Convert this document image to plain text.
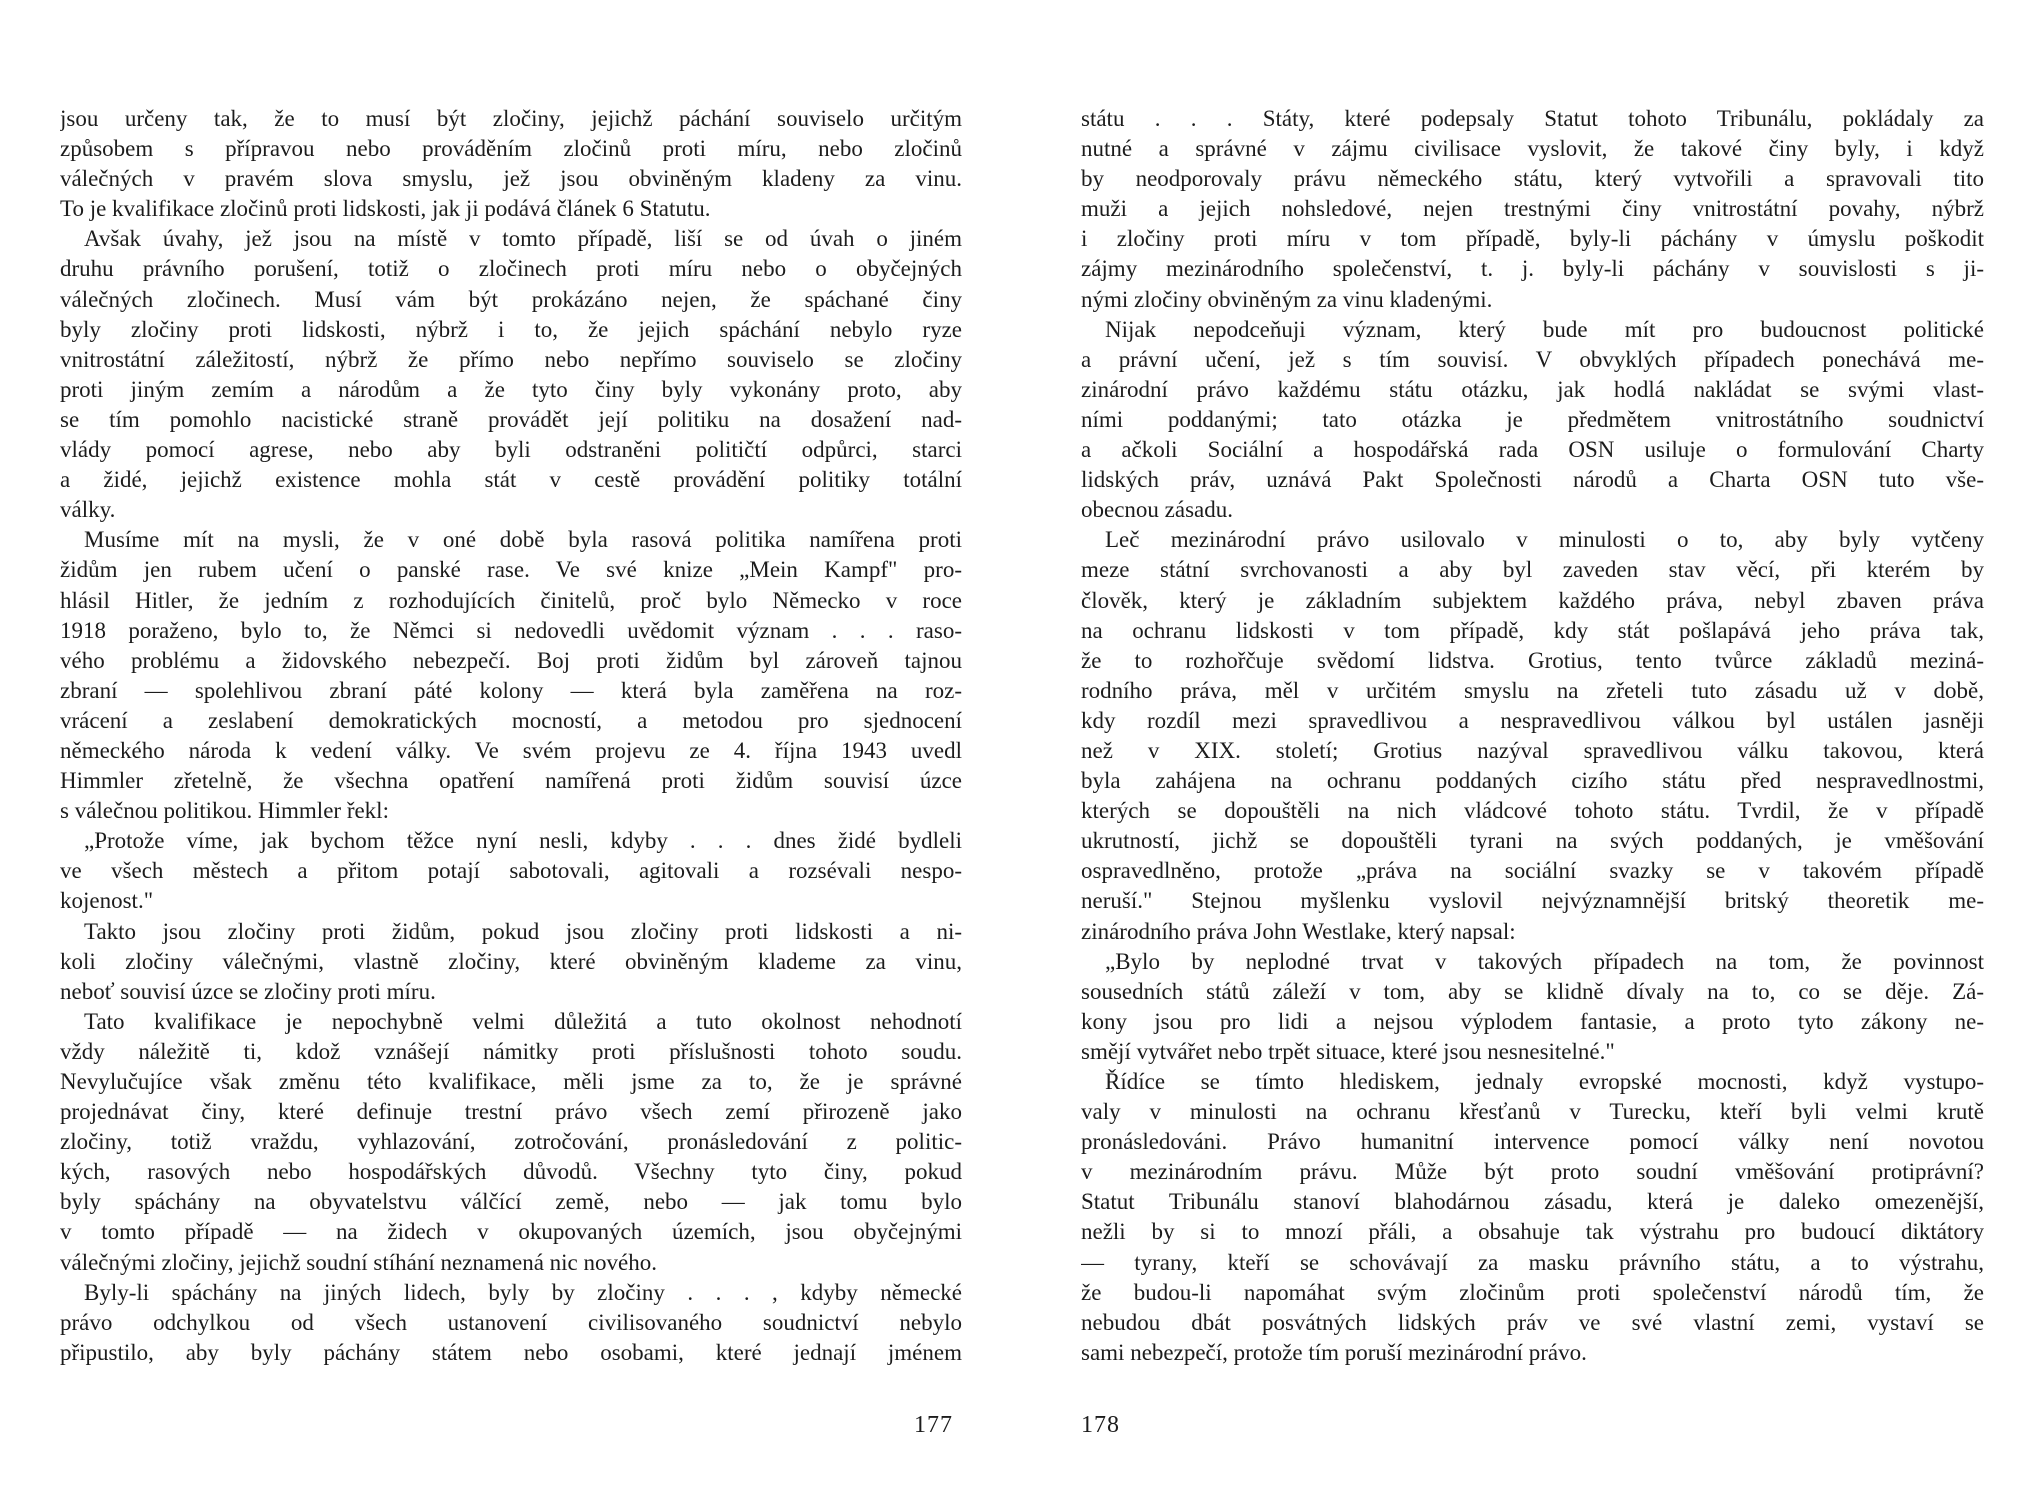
jsou určeny tak, že to musí být zločiny, jejichž páchání souviselo určitým
způsobem s přípravou nebo prováděním zločinů proti míru, nebo zločinů
válečných v pravém slova smyslu, jež jsou obviněným kladeny za vinu.
To je kvalifikace zločinů proti lidskosti, jak ji podává článek 6 Statutu.
Avšak úvahy, jež jsou na místě v tomto případě, liší se od úvah o jiném
druhu právního porušení, totiž o zločinech proti míru nebo o obyčejných
válečných zločinech. Musí vám být prokázáno nejen, že spáchané činy
byly zločiny proti lidskosti, nýbrž i to, že jejich spáchání nebylo ryze
vnitrostátní záležitostí, nýbrž že přímo nebo nepřímo souviselo se zločiny
proti jiným zemím a národům a že tyto činy byly vykonány proto, aby
se tím pomohlo nacistické straně provádět její politiku na dosažení nad-
vlády pomocí agrese, nebo aby byli odstraněni političtí odpůrci, starci
a židé, jejichž existence mohla stát v cestě provádění politiky totální
války.
Musíme mít na mysli, že v oné době byla rasová politika namířena proti
židům jen rubem učení o panské rase. Ve své knize „Mein Kampf" pro-
hlásil Hitler, že jedním z rozhodujících činitelů, proč bylo Německo v roce
1918 poraženo, bylo to, že Němci si nedovedli uvědomit význam . . . raso-
vého problému a židovského nebezpečí. Boj proti židům byl zároveň tajnou
zbraní — spolehlivou zbraní páté kolony — která byla zaměřena na roz-
vrácení a zeslabení demokratických mocností, a metodou pro sjednocení
německého národa k vedení války. Ve svém projevu ze 4. října 1943 uvedl
Himmler zřetelně, že všechna opatření namířená proti židům souvisí úzce
s válečnou politikou. Himmler řekl:
„Protože víme, jak bychom těžce nyní nesli, kdyby . . . dnes židé bydleli
ve všech městech a přitom potají sabotovali, agitovali a rozsévali nespo-
kojenost."
Takto jsou zločiny proti židům, pokud jsou zločiny proti lidskosti a ni-
koli zločiny válečnými, vlastně zločiny, které obviněným klademe za vinu,
neboť souvisí úzce se zločiny proti míru.
Tato kvalifikace je nepochybně velmi důležitá a tuto okolnost nehodnotí
vždy náležitě ti, kdož vznášejí námitky proti příslušnosti tohoto soudu.
Nevylučujíce však změnu této kvalifikace, měli jsme za to, že je správné
projednávat činy, které definuje trestní právo všech zemí přirozeně jako
zločiny, totiž vraždu, vyhlazování, zotročování, pronásledování z politic-
kých, rasových nebo hospodářských důvodů. Všechny tyto činy, pokud
byly spáchány na obyvatelstvu válčící země, nebo — jak tomu bylo
v tomto případě — na židech v okupovaných územích, jsou obyčejnými
válečnými zločiny, jejichž soudní stíhání neznamená nic nového.
Byly-li spáchány na jiných lidech, byly by zločiny . . . , kdyby německé
právo odchylkou od všech ustanovení civilisovaného soudnictví nebylo
připustilo, aby byly páchány státem nebo osobami, které jednají jménem
177
státu . . . Státy, které podepsaly Statut tohoto Tribunálu, pokládaly za
nutné a správné v zájmu civilisace vyslovit, že takové činy byly, i když
by neodporovaly právu německého státu, který vytvořili a spravovali tito
muži a jejich nohsledové, nejen trestnými činy vnitrostátní povahy, nýbrž
i zločiny proti míru v tom případě, byly-li páchány v úmyslu poškodit
zájmy mezinárodního společenství, t. j. byly-li páchány v souvislosti s ji-
nými zločiny obviněným za vinu kladenými.
Nijak nepodceňuji význam, který bude mít pro budoucnost politické
a právní učení, jež s tím souvisí. V obvyklých případech ponechává me-
zinárodní právo každému státu otázku, jak hodlá nakládat se svými vlast-
ními poddanými; tato otázka je předmětem vnitrostátního soudnictví
a ačkoli Sociální a hospodářská rada OSN usiluje o formulování Charty
lidských práv, uznává Pakt Společnosti národů a Charta OSN tuto vše-
obecnou zásadu.
Leč mezinárodní právo usilovalo v minulosti o to, aby byly vytčeny
meze státní svrchovanosti a aby byl zaveden stav věcí, při kterém by
člověk, který je základním subjektem každého práva, nebyl zbaven práva
na ochranu lidskosti v tom případě, kdy stát pošlapává jeho práva tak,
že to rozhořčuje svědomí lidstva. Grotius, tento tvůrce základů meziná-
rodního práva, měl v určitém smyslu na zřeteli tuto zásadu už v době,
kdy rozdíl mezi spravedlivou a nespravedlivou válkou byl ustálen jasněji
než v XIX. století; Grotius nazýval spravedlivou válku takovou, která
byla zahájena na ochranu poddaných cizího státu před nespravedlnostmi,
kterých se dopouštěli na nich vládcové tohoto státu. Tvrdil, že v případě
ukrutností, jichž se dopouštěli tyrani na svých poddaných, je vměšování
ospravedlněno, protože „práva na sociální svazky se v takovém případě
neruší." Stejnou myšlenku vyslovil nejvýznamnější britský theoretik me-
zinárodního práva John Westlake, který napsal:
„Bylo by neplodné trvat v takových případech na tom, že povinnost
sousedních států záleží v tom, aby se klidně dívaly na to, co se děje. Zá-
kony jsou pro lidi a nejsou výplodem fantasie, a proto tyto zákony ne-
smějí vytvářet nebo trpět situace, které jsou nesnesitelné."
Řídíce se tímto hlediskem, jednaly evropské mocnosti, když vystupo-
valy v minulosti na ochranu křesťanů v Turecku, kteří byli velmi krutě
pronásledováni. Právo humanitní intervence pomocí války není novotou
v mezinárodním právu. Může být proto soudní vměšování protiprávní?
Statut Tribunálu stanoví blahodárnou zásadu, která je daleko omezenější,
nežli by si to mnozí přáli, a obsahuje tak výstrahu pro budoucí diktátory
— tyrany, kteří se schovávají za masku právního státu, a to výstrahu,
že budou-li napomáhat svým zločinům proti společenství národů tím, že
nebudou dbát posvátných lidských práv ve své vlastní zemi, vystaví se
sami nebezpečí, protože tím poruší mezinárodní právo.
178
